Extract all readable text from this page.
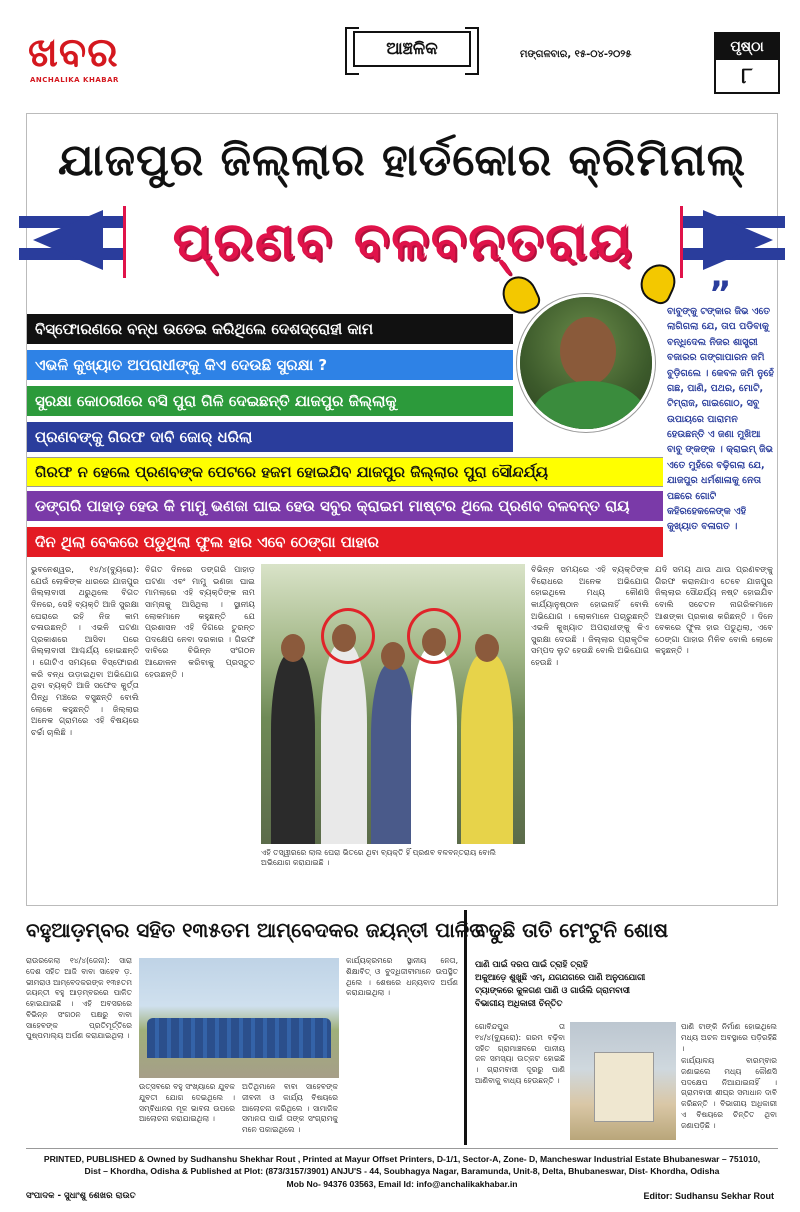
ଖବର
ANCHALIKA KHABAR
ଆଞ୍ଚଳିକ	ମଙ୍ଗଳବାର, ୧୫-୦୪-୨୦୨୫	ପୃଷ୍ଠା
୮
ଯାଜପୁର ଜିଲ୍ଲାର ହାର୍ଡକୋର କ୍ରିମିନାଲ୍
ପ୍ରଣବ ବଳବନ୍ତରାୟ
ବିସ୍ଫୋରଣରେ ବନ୍ଧ ଉଡେଇ କରିଥିଲେ ଦେଶଦ୍ରୋହୀ କାମ
ଏଭଳି କୁଖ୍ୟାତ ଅପରାଧୀଙ୍କୁ କିଏ ଦେଉଛି ସୁରକ୍ଷା ?
ସୁରକ୍ଷା କୋଠରୀରେ ବସି ପୁରା ଗିଳି ଦେଇଛନ୍ତି ଯାଜପୁର ଜିଲ୍ଲାକୁ
ପ୍ରଣବଙ୍କୁ ଗିରଫ ଦାବି ଜୋର୍ ଧରିଲା
ଗିରଫ ନ ହେଲେ ପ୍ରଣବଙ୍କ ପେଟରେ ହଜମ ହୋଇଯିବ ଯାଜପୁର ଜିଲ୍ଲାର ପୁରା ସୌନ୍ଦର୍ଯ୍ୟ
ଡଙ୍ଗରି ପାହାଡ଼ ହେଉ କି ମାମୁ ଭଣଜା ଘାଇ ହେଉ ସବୁର କ୍ରାଇମ ମାଷ୍ଟର ଥିଲେ ପ୍ରଣବ ବଳବନ୍ତ ରାୟ
ଦିନ ଥିଲା ବେକରେ ପଡୁଥିଲା ଫୁଲ ହାର ଏବେ ଠେଙ୍ଗା ପାହାର
”
ବାବୁଙ୍କୁ ଟଙ୍କାର ଜିଭ ଏତେ ଲାଗିଗଲା ଯେ, ତାପ ପଡିବାକୁ ବନ୍ଧିଦେଲ ନିଜର ଶାସ୍ତ୍ରୀ ବଜାରର ଗଙ୍ଗାପାରନ ଜମି ବୁଡ଼ିଗଲେ । କେବଳ ଜମି ନୁହେଁ ଗଛ, ପାଣି, ପଥର, ମୋଟି, ଟିମ୍‌ରାଜ, ଗାଇଗୋଠ, ସବୁ ଉପାୟରେ ପାରାମନ ହେଉଛନ୍ତି ଏ ଜଣା ମୁଖିଆ ବାବୁ ଙ୍କଙ୍କ । କ୍ରାଇମ୍ ଜିଭ ଏତେ ମୁହଁରେ ବଢ଼ିଗଲା ଯେ, ଯାଜପୁର ଧର୍ମଶାଳାକୁ ନେତା ପଛରେ ଗୋଟି କହିରହେକଳେଙ୍କ ଏହି କୁଖ୍ୟାତ ବଳାଗତ ।
ଭୁବନେଶ୍ୱର, ୧୪/୪(ବ୍ୟୁରୋ): ଯେଉଁ ଲୋକିଙ୍କ ଧାରରେ ଯାଜପୁର ଜିଲ୍ଲାବାସୀ ଥରୁଥିଲେ ବିଗତ ଦିନରେ, ସେହି ବ୍ୟକ୍ତି ଆଜି ସୁରକ୍ଷା ଘେରାରେ ରହି ନିଜ କାମ ଚଳାଉଛନ୍ତି । ଏଭଳି ଘଟଣା ପ୍ରକାଶରେ ଆସିବା ପରେ ଜିଲ୍ଲାବାସୀ ଆଶ୍ଚର୍ଯ୍ୟ ହୋଇଛନ୍ତି । ଗୋଟିଏ ସମୟରେ ବିସ୍ଫୋରଣ କରି ବନ୍ଧ ଉଡ଼ାଇଥିବା ଅଭିଯୋଗ ଥିବା ବ୍ୟକ୍ତି ଆଜି ସଫେଦ କୁର୍ତ୍ତା ପିନ୍ଧି ମଞ୍ଚରେ ବସୁଛନ୍ତି ବୋଲି ଲୋକେ କହୁଛନ୍ତି । ଜିଲ୍ଲାର ଅନେକ ଗ୍ରାମରେ ଏହି ବିଷୟରେ ଚର୍ଚ୍ଚା ଚାଲିଛି ।
ବିଗତ ଦିନରେ ଡଙ୍ଗରି ପାହାଡ଼ ଘଟଣା ଏବଂ ମାମୁ ଭଣଜା ଘାଇ ମାମଲାରେ ଏହି ବ୍ୟକ୍ତିଙ୍କ ନାମ ସାମ୍ନାକୁ ଆସିଥିଲା । ସ୍ଥାନୀୟ ଲୋକମାନେ କହୁଛନ୍ତି ଯେ ପ୍ରଶାସନ ଏହି ଦିଗରେ ତୁରନ୍ତ ପଦକ୍ଷେପ ନେବା ଦରକାର । ଗିରଫ ଦାବିରେ ବିଭିନ୍ନ ସଂଗଠନ ଆନ୍ଦୋଳନ କରିବାକୁ ପ୍ରସ୍ତୁତ ହେଉଛନ୍ତି ।
ଏହି ତସ୍ୱୀରରେ ଲାଲ ଘେରା ଭିତରେ ଥିବା ବ୍ୟକ୍ତି ହିଁ ପ୍ରଣବ ବଳବନ୍ତରାୟ ବୋଲି ଅଭିଯୋଗ କରାଯାଇଛି ।
ବିଭିନ୍ନ ସମୟରେ ଏହି ବ୍ୟକ୍ତିଙ୍କ ବିରୋଧରେ ଅନେକ ଅଭିଯୋଗ ହୋଇଥିଲେ ମଧ୍ୟ କୌଣସି କାର୍ଯ୍ୟାନୁଷ୍ଠାନ ହୋଇନାହିଁ ବୋଲି ଅଭିଯୋଗ । ଲୋକମାନେ ପଚାରୁଛନ୍ତି ଏଭଳି କୁଖ୍ୟାତ ଅପରାଧୀଙ୍କୁ କିଏ ସୁରକ୍ଷା ଦେଉଛି । ଜିଲ୍ଲାର ପ୍ରାକୃତିକ ସମ୍ପଦ ଲୁଟ ହେଉଛି ବୋଲି ଅଭିଯୋଗ ହେଉଛି ।
ଯଦି ସମୟ ଥାଉ ଥାଉ ପ୍ରଣବଙ୍କୁ ଗିରଫ କରାନଯାଏ ତେବେ ଯାଜପୁର ଜିଲ୍ଲାର ସୌନ୍ଦର୍ଯ୍ୟ ନଷ୍ଟ ହୋଇଯିବ ବୋଲି ସଚେତନ ନାଗରିକମାନେ ଆଶଙ୍କା ପ୍ରକାଶ କରିଛନ୍ତି । ଦିନେ ବେକରେ ଫୁଲ ହାର ପଡୁଥିଲା, ଏବେ ଠେଙ୍ଗା ପାହାର ମିଳିବ ବୋଲି ଲୋକେ କହୁଛନ୍ତି ।
ବହୁଆଡ଼ମ୍ବର ସହିତ ୧୩୫ତମ ଆମ୍ବେଦକର ଜୟନ୍ତୀ ପାଳିତ
ରାଉରକେଲା ୧୪/୪(ଜେନା): ସାରା ଦେଶ ସହିତ ଆଜି ବାବା ସାହେବ ଡ଼. ଭୀମରାଓ ଆମ୍ବେଦକରଙ୍କ ୧୩୫ତମ ଜୟନ୍ତୀ ବହୁ ଆଡ଼ମ୍ବରରେ ପାଳିତ ହୋଇଯାଇଛି । ଏହି ଅବସରରେ ବିଭିନ୍ନ ସଂଗଠନ ପକ୍ଷରୁ ବାବା ସାହେବଙ୍କ ପ୍ରତିମୂର୍ତ୍ତିରେ ପୁଷ୍ପମାଲ୍ୟ ଅର୍ପଣ କରାଯାଇଥିଲା ।
ଉତ୍ସବରେ ବହୁ ସଂଖ୍ୟାରେ ଯୁବକ ଯୁବତୀ ଯୋଗ ଦେଇଥିଲେ । ସମ୍ବିଧାନର ମୂଳ ଭାବନା ଉପରେ ଆଲୋଚନା କରାଯାଇଥିଲା ।
ଅତିଥିମାନେ ବାବା ସାହେବଙ୍କ ଜୀବନୀ ଓ କାର୍ଯ୍ୟ ବିଷୟରେ ଆଲୋଚନା କରିଥିଲେ । ସାମାଜିକ ସମାନତା ପାଇଁ ତାଙ୍କ ସଂଗ୍ରାମକୁ ମନେ ପକାଇଥିଲେ ।
କାର୍ଯ୍ୟକ୍ରମରେ ସ୍ଥାନୀୟ ନେତା, ଶିକ୍ଷାବିତ୍ ଓ ବୁଦ୍ଧିଜୀବୀମାନେ ଉପସ୍ଥିତ ଥିଲେ । ଶେଷରେ ଧନ୍ୟବାଦ ଅର୍ପଣ କରାଯାଇଥିଲା ।
ବଢୁଛି ତାତି ମେଂଟୁନି ଶୋଷ
ପାଣି ପାଇଁ ଦରପ ପାଇଁ ତ୍ରାହି ତ୍ରାହି
ଅକୁଆଡ଼େ ଶୁଖୁଛି ଏମ, ଯଗଯଗରେ ପାଣି ଅନୁପଯୋଗୀ
ଟ୍ୟାଙ୍କରେ କୁଳଗଣ ପାଣି ଓ ଗାଉଁଲି ଗ୍ରାମବାସୀ
ବିଭାଗୀୟ ଅଧିକାରୀ ଚିନ୍ତିତ
ଗୋବିନ୍ଦପୁର ତା ୧୪/୪(ବ୍ୟୁରୋ): ଗରମ ବଢ଼ିବା ସହିତ ଗ୍ରାମାଞ୍ଚଳରେ ପାନୀୟ ଜଳ ସମସ୍ୟା ଉତ୍କଟ ହୋଇଛି । ଗ୍ରାମବାସୀ ଦୂରରୁ ପାଣି ଆଣିବାକୁ ବାଧ୍ୟ ହେଉଛନ୍ତି ।
ପାଣି ଟାଙ୍କି ନିର୍ମାଣ ହୋଇଥିଲେ ମଧ୍ୟ ଅଚଳ ଅବସ୍ଥାରେ ପଡ଼ିରହିଛି ।
କାର୍ଯ୍ୟାଳୟ ବାରମ୍ବାର ଜଣାଇଲେ ମଧ୍ୟ କୌଣସି ପଦକ୍ଷେପ ନିଆଯାଇନାହିଁ । ଗ୍ରାମବାସୀ ଶୀଘ୍ର ସମାଧାନ ଦାବି କରିଛନ୍ତି । ବିଭାଗୀୟ ଅଧିକାରୀ ଏ ବିଷୟରେ ଚିନ୍ତିତ ଥିବା ଜଣାପଡ଼ିଛି ।
PRINTED, PUBLISHED & Owned by Sudhanshu Shekhar Rout , Printed at Mayur Offset Printers, D-1/1, Sector-A, Zone- D, Mancheswar Industrial Estate Bhubaneswar – 751010,
Dist – Khordha, Odisha & Published at Plot: (873/3157/3901) ANJU'S - 44, Soubhagya Nagar, Baramunda, Unit-8, Delta, Bhubaneswar, Dist- Khordha, Odisha
Mob No- 94376 03563, Email Id: info@anchalikakhabar.in
ସଂପାଦକ - ସୁଧାଂଶୁ ଶେଖର ରାଉତ	Editor: Sudhansu Sekhar Rout
